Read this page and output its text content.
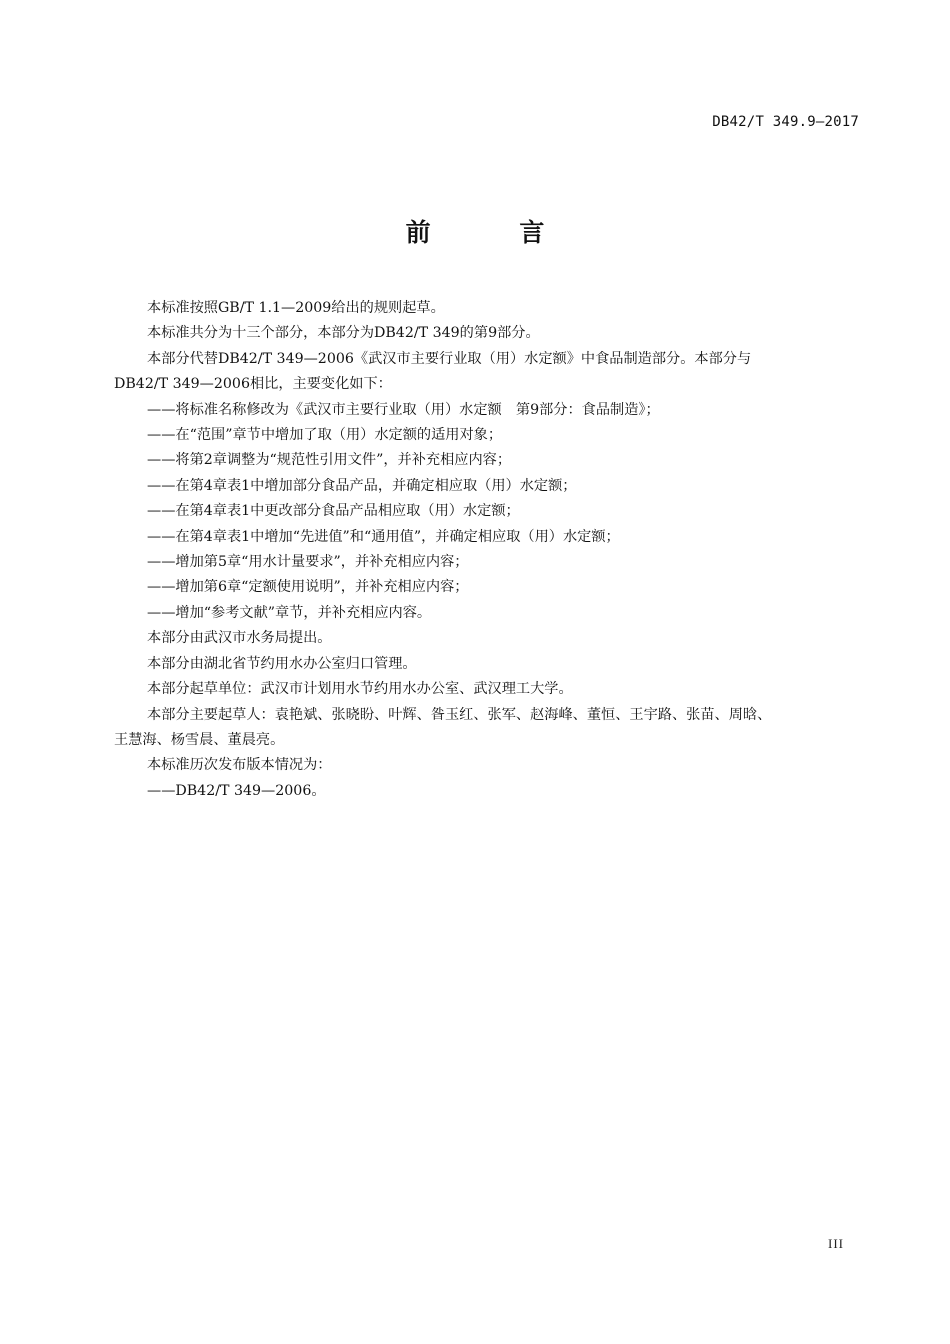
DB42/T 349.9—2017
前 言

本标准按照GB/T 1.1—2009给出的规则起草。

本标准共分为十三个部分，本部分为DB42/T 349的第9部分。

本部分代替DB42/T 349—2006《武汉市主要行业取（用）水定额》中食品制造部分。本部分与

DB42/T 349—2006相比，主要变化如下：

——将标准名称修改为《武汉市主要行业取（用）水定额　第9部分：食品制造》；

——在“范围”章节中增加了取（用）水定额的适用对象；

——将第2章调整为“规范性引用文件”，并补充相应内容；

——在第4章表1中增加部分食品产品，并确定相应取（用）水定额；

——在第4章表1中更改部分食品产品相应取（用）水定额；

——在第4章表1中增加“先进值”和“通用值”，并确定相应取（用）水定额；

——增加第5章“用水计量要求”，并补充相应内容；

——增加第6章“定额使用说明”，并补充相应内容；

——增加“参考文献”章节，并补充相应内容。

本部分由武汉市水务局提出。

本部分由湖北省节约用水办公室归口管理。

本部分起草单位：武汉市计划用水节约用水办公室、武汉理工大学。

本部分主要起草人：袁艳斌、张晓盼、叶辉、昝玉红、张军、赵海峰、董恒、王宇路、张苗、周晗、

王慧海、杨雪晨、董晨亮。

本标准历次发布版本情况为：

——DB42/T 349—2006。

III
